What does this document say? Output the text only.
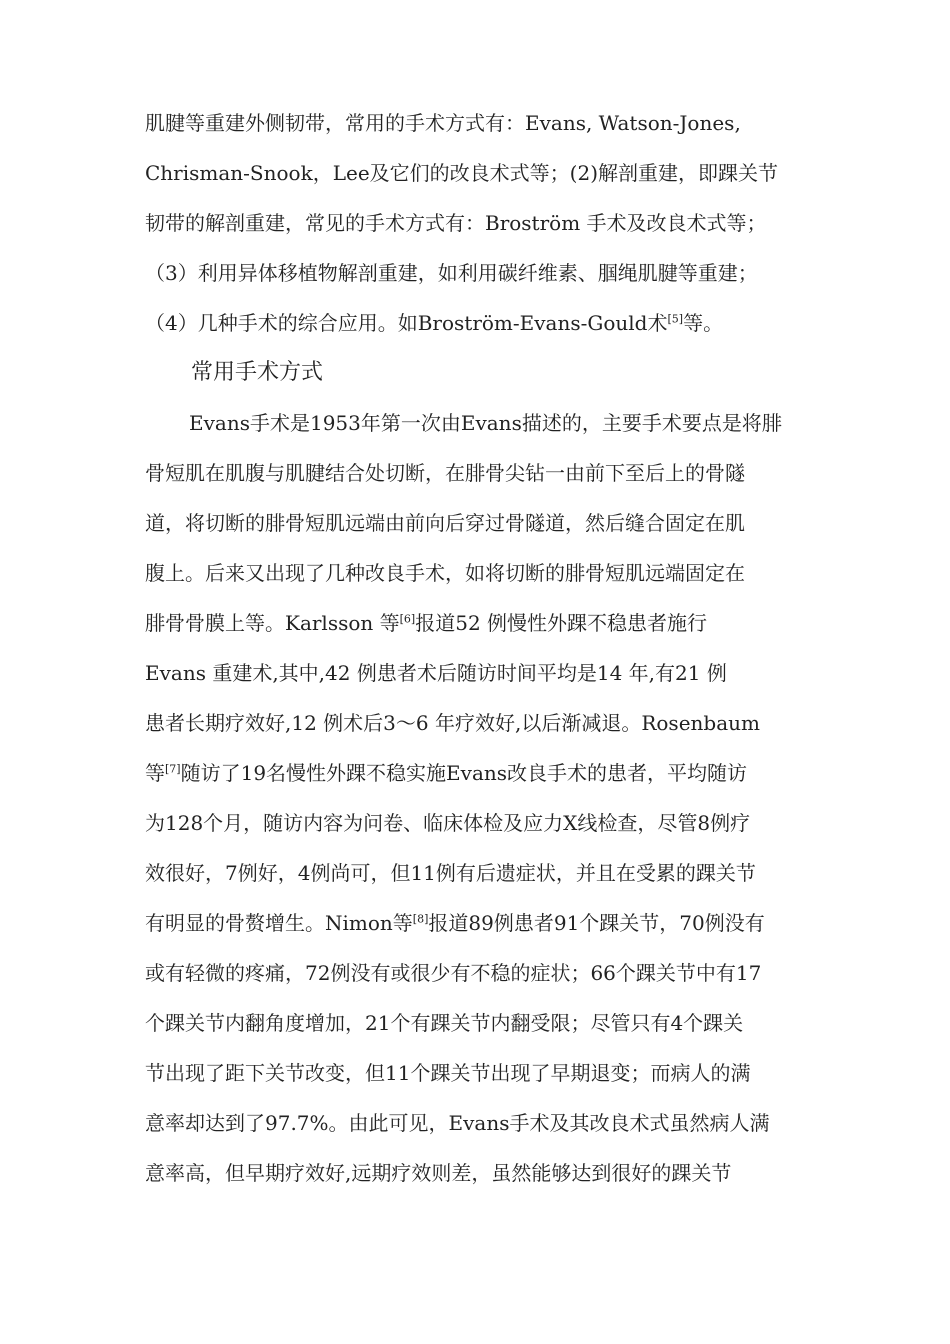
肌腱等重建外侧韧带，常用的手术方式有：Evans, Watson-Jones,
Chrisman-Snook，Lee及它们的改良术式等；(2)解剖重建，即踝关节
韧带的解剖重建，常见的手术方式有：Broström 手术及改良术式等；
（3）利用异体移植物解剖重建，如利用碳纤维素、腘绳肌腱等重建；
（4）几种手术的综合应用。如Broström-Evans-Gould术[5]等。
常用手术方式
Evans手术是1953年第一次由Evans描述的，主要手术要点是将腓
骨短肌在肌腹与肌腱结合处切断，在腓骨尖钻一由前下至后上的骨隧
道，将切断的腓骨短肌远端由前向后穿过骨隧道，然后缝合固定在肌
腹上。后来又出现了几种改良手术，如将切断的腓骨短肌远端固定在
腓骨骨膜上等。Karlsson 等[6]报道52 例慢性外踝不稳患者施行
Evans 重建术,其中,42 例患者术后随访时间平均是14 年,有21 例
患者长期疗效好,12 例术后3～6 年疗效好,以后渐减退。Rosenbaum
等[7]随访了19名慢性外踝不稳实施Evans改良手术的患者，平均随访
为128个月，随访内容为问卷、临床体检及应力X线检查，尽管8例疗
效很好，7例好，4例尚可，但11例有后遗症状，并且在受累的踝关节
有明显的骨赘增生。Nimon等[8]报道89例患者91个踝关节，70例没有
或有轻微的疼痛，72例没有或很少有不稳的症状；66个踝关节中有17
个踝关节内翻角度增加，21个有踝关节内翻受限；尽管只有4个踝关
节出现了距下关节改变，但11个踝关节出现了早期退变；而病人的满
意率却达到了97.7%。由此可见，Evans手术及其改良术式虽然病人满
意率高，但早期疗效好,远期疗效则差，虽然能够达到很好的踝关节
